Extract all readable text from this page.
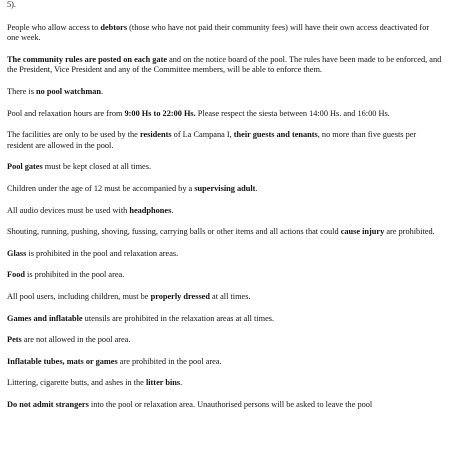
5).

People who allow access to debtors (those who have not paid their community fees) will have their own access deactivated for one week.

The community rules are posted on each gate and on the notice board of the pool. The rules have been made to be enforced, and the President, Vice President and any of the Committee members, will be able to enforce them.

There is no pool watchman.

Pool and relaxation hours are from 9:00 Hs to 22:00 Hs. Please respect the siesta between 14:00 Hs. and 16:00 Hs.

The facilities are only to be used by the residents of La Campana I, their guests and tenants, no more than five guests per resident are allowed in the pool.

Pool gates must be kept closed at all times.

Children under the age of 12 must be accompanied by a supervising adult.

All audio devices must be used with headphones.

Shouting, running, pushing, shoving, fussing, carrying balls or other items and all actions that could cause injury are prohibited.

Glass is prohibited in the pool and relaxation areas.

Food is prohibited in the pool area.

All pool users, including children, must be properly dressed at all times.

Games and inflatable utensils are prohibited in the relaxation areas at all times.

Pets are not allowed in the pool area.

Inflatable tubes, mats or games are prohibited in the pool area.

Littering, cigarette butts, and ashes in the litter bins.

Do not admit strangers into the pool or relaxation area. Unauthorised persons will be asked to leave the pool
